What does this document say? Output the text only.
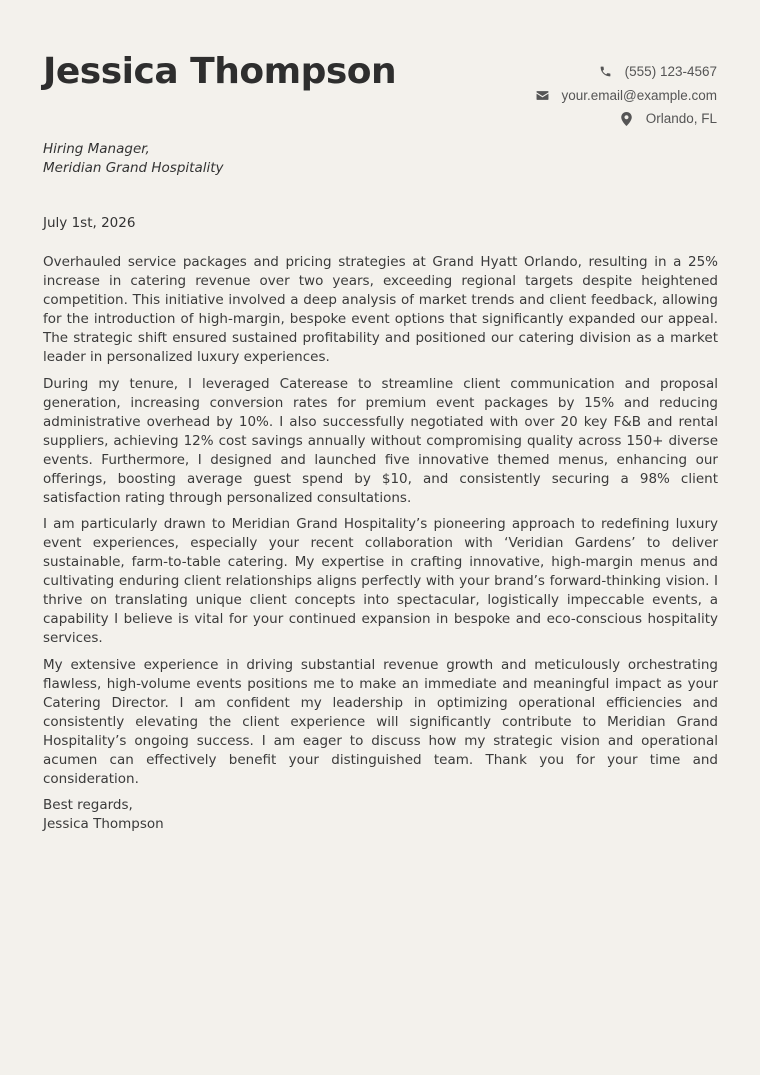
Jessica Thompson	(555) 123-4567
your.email@example.com
Orlando, FL
Hiring Manager,
Meridian Grand Hospitality
July 1st, 2026

Overhauled service packages and pricing strategies at Grand Hyatt Orlando, resulting in a 25% increase in catering revenue over two years, exceeding regional targets despite heightened competition. This initiative involved a deep analysis of market trends and client feedback, allowing for the introduction of high-margin, bespoke event options that significantly expanded our appeal. The strategic shift ensured sustained profitability and positioned our catering division as a market leader in personalized luxury experiences.

During my tenure, I leveraged Caterease to streamline client communication and proposal generation, increasing conversion rates for premium event packages by 15% and reducing administrative overhead by 10%. I also successfully negotiated with over 20 key F&B and rental suppliers, achieving 12% cost savings annually without compromising quality across 150+ diverse events. Furthermore, I designed and launched five innovative themed menus, enhancing our offerings, boosting average guest spend by $10, and consistently securing a 98% client satisfaction rating through personalized consultations.

I am particularly drawn to Meridian Grand Hospitality’s pioneering approach to redefining luxury event experiences, especially your recent collaboration with ‘Veridian Gardens’ to deliver sustainable, farm-to-table catering. My expertise in crafting innovative, high-margin menus and cultivating enduring client relationships aligns perfectly with your brand’s forward-thinking vision. I thrive on translating unique client concepts into spectacular, logistically impeccable events, a capability I believe is vital for your continued expansion in bespoke and eco-conscious hospitality services.

My extensive experience in driving substantial revenue growth and meticulously orchestrating flawless, high-volume events positions me to make an immediate and meaningful impact as your Catering Director. I am confident my leadership in optimizing operational efficiencies and consistently elevating the client experience will significantly contribute to Meridian Grand Hospitality’s ongoing success. I am eager to discuss how my strategic vision and operational acumen can effectively benefit your distinguished team. Thank you for your time and consideration.

Best regards,
Jessica Thompson
